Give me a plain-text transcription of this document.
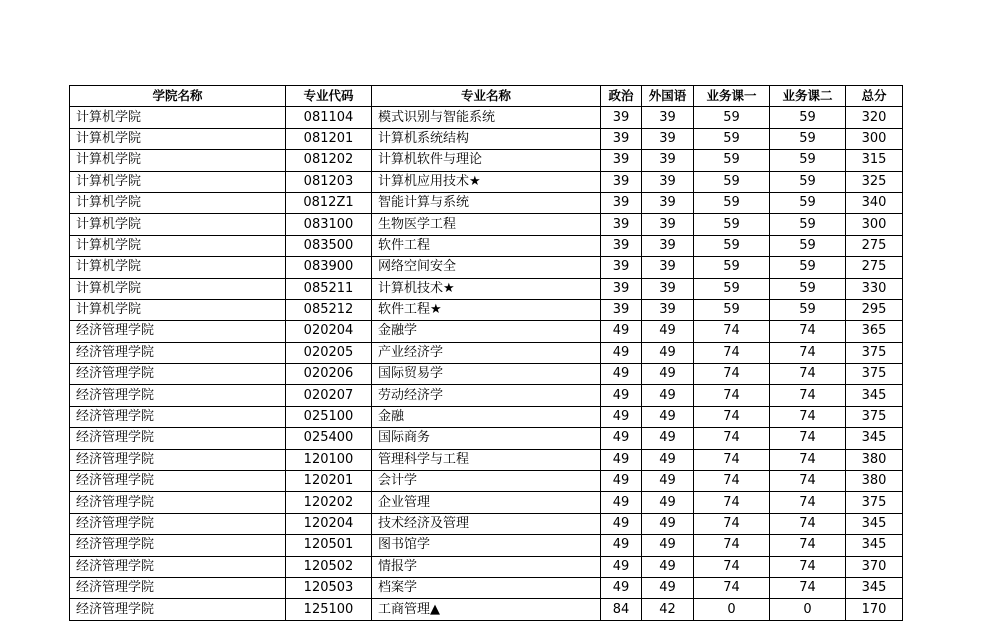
学院名称	专业代码	专业名称	政治	外国语	业务课一	业务课二	总分
计算机学院	081104	模式识别与智能系统	39	39	59	59	320
计算机学院	081201	计算机系统结构	39	39	59	59	300
计算机学院	081202	计算机软件与理论	39	39	59	59	315
计算机学院	081203	计算机应用技术★	39	39	59	59	325
计算机学院	0812Z1	智能计算与系统	39	39	59	59	340
计算机学院	083100	生物医学工程	39	39	59	59	300
计算机学院	083500	软件工程	39	39	59	59	275
计算机学院	083900	网络空间安全	39	39	59	59	275
计算机学院	085211	计算机技术★	39	39	59	59	330
计算机学院	085212	软件工程★	39	39	59	59	295
经济管理学院	020204	金融学	49	49	74	74	365
经济管理学院	020205	产业经济学	49	49	74	74	375
经济管理学院	020206	国际贸易学	49	49	74	74	375
经济管理学院	020207	劳动经济学	49	49	74	74	345
经济管理学院	025100	金融	49	49	74	74	375
经济管理学院	025400	国际商务	49	49	74	74	345
经济管理学院	120100	管理科学与工程	49	49	74	74	380
经济管理学院	120201	会计学	49	49	74	74	380
经济管理学院	120202	企业管理	49	49	74	74	375
经济管理学院	120204	技术经济及管理	49	49	74	74	345
经济管理学院	120501	图书馆学	49	49	74	74	345
经济管理学院	120502	情报学	49	49	74	74	370
经济管理学院	120503	档案学	49	49	74	74	345
经济管理学院	125100	工商管理▲	84	42	0	0	170
